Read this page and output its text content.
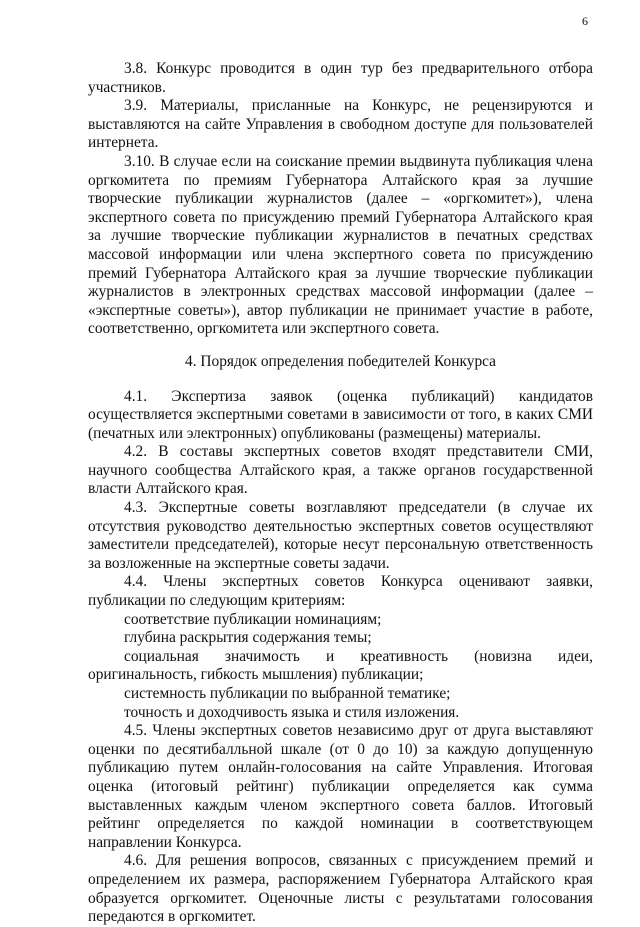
6

3.8. Конкурс проводится в один тур без предварительного отбора участников.

3.9. Материалы, присланные на Конкурс, не рецензируются и выставляются на сайте Управления в свободном доступе для пользователей интернета.

3.10. В случае если на соискание премии выдвинута публикация члена оргкомитета по премиям Губернатора Алтайского края за лучшие творческие публикации журналистов (далее – «оргкомитет»), члена экспертного совета по присуждению премий Губернатора Алтайского края за лучшие творческие публикации журналистов в печатных средствах массовой информации или члена экспертного совета по присуждению премий Губернатора Алтайского края за лучшие творческие публикации журналистов в электронных средствах массовой информации (далее – «экспертные советы»), автор публикации не принимает участие в работе, соответственно, оргкомитета или экспертного совета.

4. Порядок определения победителей Конкурса

4.1. Экспертиза заявок (оценка публикаций) кандидатов осуществляется экспертными советами в зависимости от того, в каких СМИ (печатных или электронных) опубликованы (размещены) материалы.

4.2. В составы экспертных советов входят представители СМИ, научного сообщества Алтайского края, а также органов государственной власти Алтайского края.

4.3. Экспертные советы возглавляют председатели (в случае их отсутствия руководство деятельностью экспертных советов осуществляют заместители председателей), которые несут персональную ответственность за возложенные на экспертные советы задачи.

4.4. Члены экспертных советов Конкурса оценивают заявки, публикации по следующим критериям:

соответствие публикации номинациям;

глубина раскрытия содержания темы;

социальная значимость и креативность (новизна идеи, оригинальность, гибкость мышления) публикации;

системность публикации по выбранной тематике;

точность и доходчивость языка и стиля изложения.

4.5. Члены экспертных советов независимо друг от друга выставляют оценки по десятибалльной шкале (от 0 до 10) за каждую допущенную публикацию путем онлайн-голосования на сайте Управления. Итоговая оценка (итоговый рейтинг) публикации определяется как сумма выставленных каждым членом экспертного совета баллов. Итоговый рейтинг определяется по каждой номинации в соответствующем направлении Конкурса.

4.6. Для решения вопросов, связанных с присуждением премий и определением их размера, распоряжением Губернатора Алтайского края образуется оргкомитет. Оценочные листы с результатами голосования передаются в оргкомитет.
